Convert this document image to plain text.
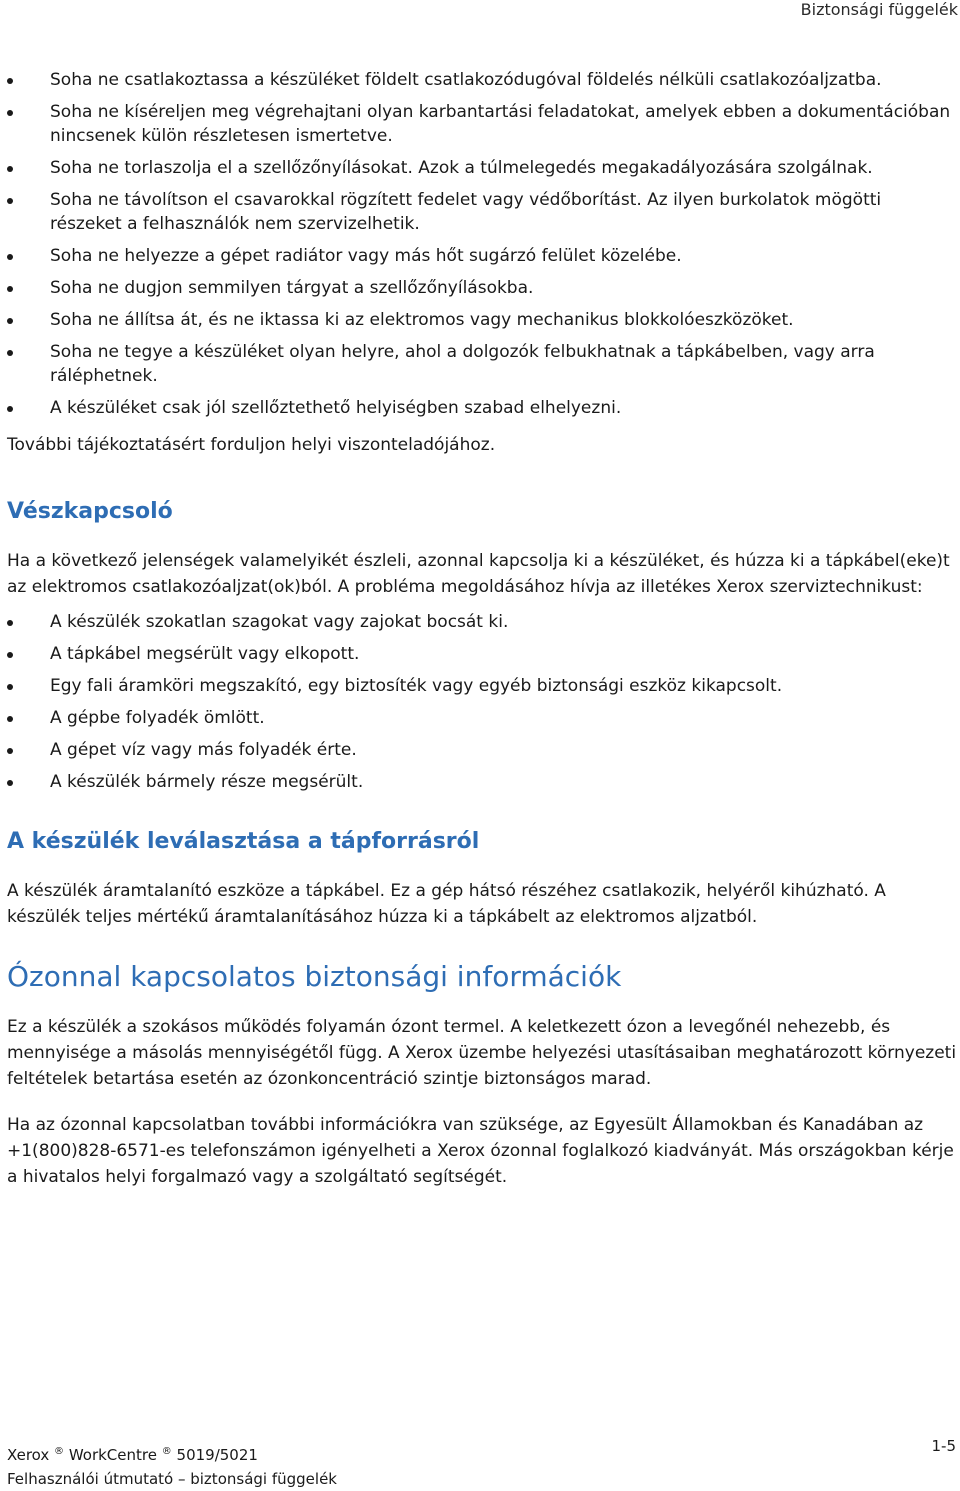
Biztonsági függelék
Soha ne csatlakoztassa a készüléket földelt csatlakozódugóval földelés nélküli csatlakozóaljzatba.
Soha ne kíséreljen meg végrehajtani olyan karbantartási feladatokat, amelyek ebben a dokumentációban nincsenek külön részletesen ismertetve.
Soha ne torlaszolja el a szellőzőnyílásokat. Azok a túlmelegedés megakadályozására szolgálnak.
Soha ne távolítson el csavarokkal rögzített fedelet vagy védőborítást. Az ilyen burkolatok mögötti részeket a felhasználók nem szervizelhetik.
Soha ne helyezze a gépet radiátor vagy más hőt sugárzó felület közelébe.
Soha ne dugjon semmilyen tárgyat a szellőzőnyílásokba.
Soha ne állítsa át, és ne iktassa ki az elektromos vagy mechanikus blokkolóeszközöket.
Soha ne tegye a készüléket olyan helyre, ahol a dolgozók felbukhatnak a tápkábelben, vagy arra ráléphetnek.
A készüléket csak jól szellőztethető helyiségben szabad elhelyezni.

További tájékoztatásért forduljon helyi viszonteladójához.

Vészkapcsoló

Ha a következő jelenségek valamelyikét észleli, azonnal kapcsolja ki a készüléket, és húzza ki a tápkábel(eke)t az elektromos csatlakozóaljzat(ok)ból. A probléma megoldásához hívja az illetékes Xerox szerviztechnikust:

A készülék szokatlan szagokat vagy zajokat bocsát ki.
A tápkábel megsérült vagy elkopott.
Egy fali áramköri megszakító, egy biztosíték vagy egyéb biztonsági eszköz kikapcsolt.
A gépbe folyadék ömlött.
A gépet víz vagy más folyadék érte.
A készülék bármely része megsérült.
A készülék leválasztása a tápforrásról

A készülék áramtalanító eszköze a tápkábel. Ez a gép hátsó részéhez csatlakozik, helyéről kihúzható. A készülék teljes mértékű áramtalanításához húzza ki a tápkábelt az elektromos aljzatból.

Ózonnal kapcsolatos biztonsági információk

Ez a készülék a szokásos működés folyamán ózont termel. A keletkezett ózon a levegőnél nehezebb, és mennyisége a másolás mennyiségétől függ. A Xerox üzembe helyezési utasításaiban meghatározott környezeti feltételek betartása esetén az ózonkoncentráció szintje biztonságos marad.

Ha az ózonnal kapcsolatban további információkra van szüksége, az Egyesült Államokban és Kanadában az +1(800)828-6571-es telefonszámon igényelheti a Xerox ózonnal foglalkozó kiadványát. Más országokban kérje a hivatalos helyi forgalmazó vagy a szolgáltató segítségét.

Xerox ® WorkCentre ® 5019/5021
Felhasználói útmutató – biztonsági függelék
1-5
